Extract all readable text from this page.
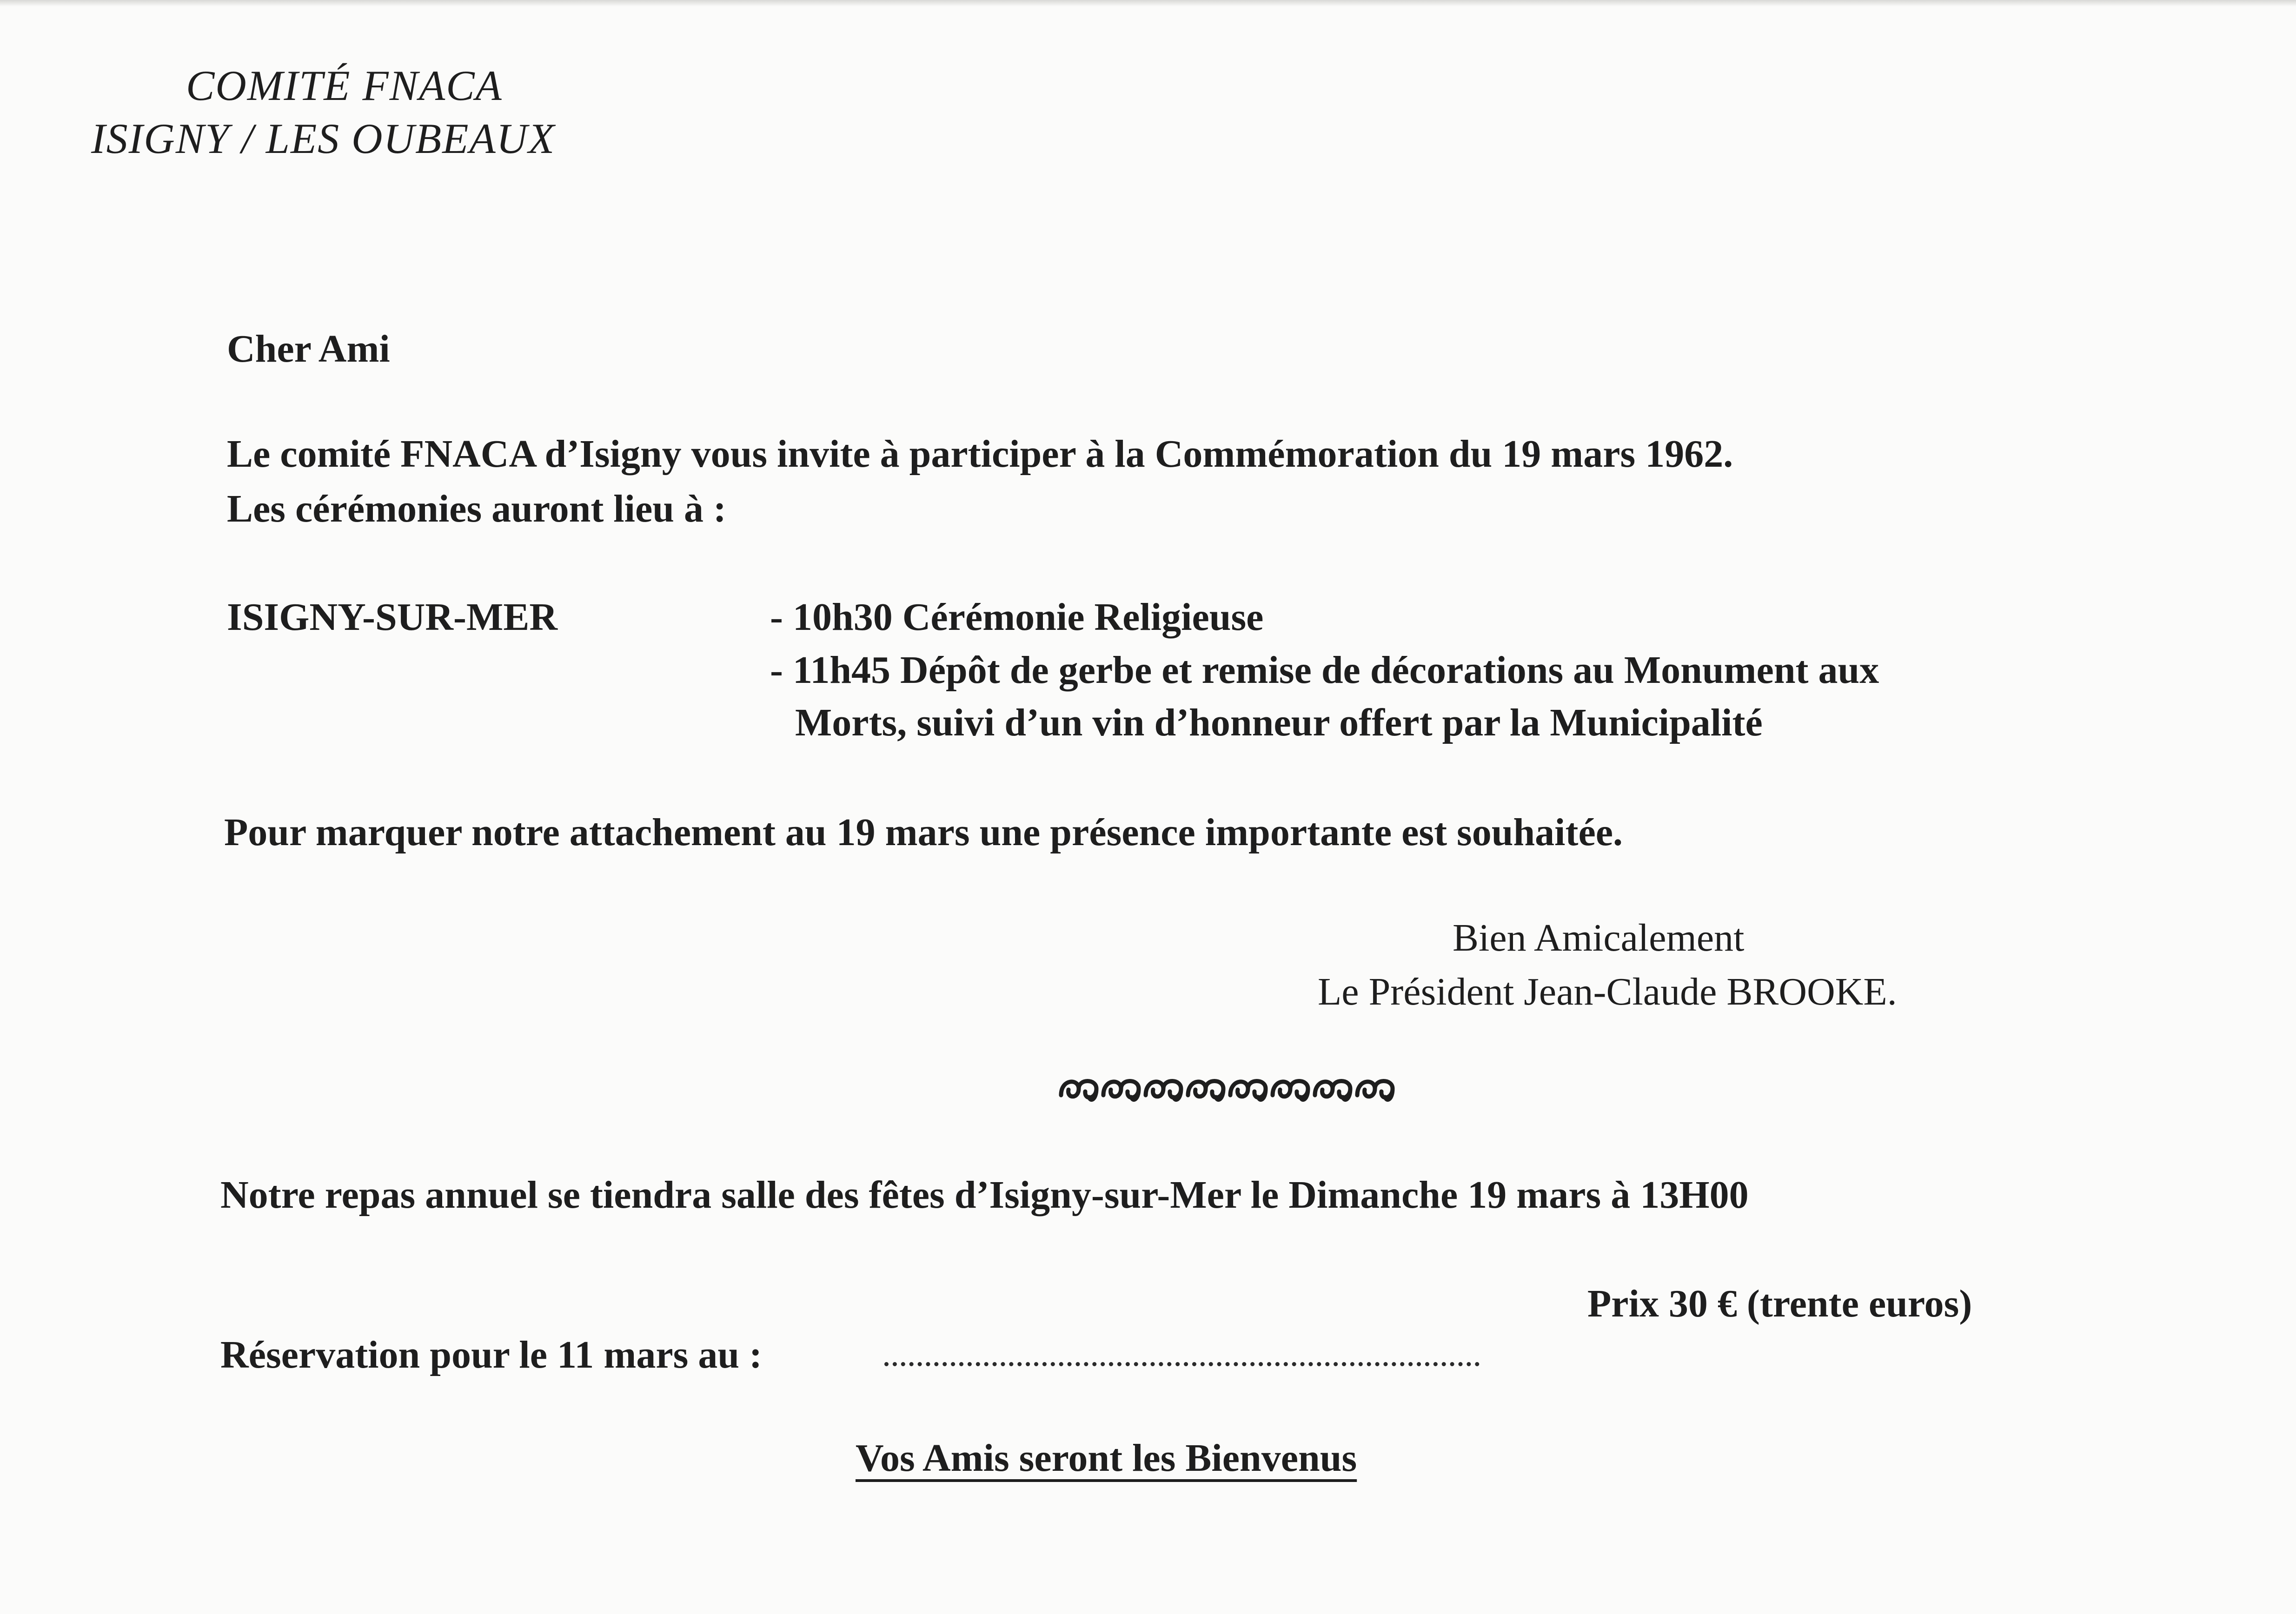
COMITÉ FNACA
ISIGNY / LES OUBEAUX
Cher Ami
Le comité FNACA d’Isigny vous invite à participer à la Commémoration du 19 mars 1962.
Les cérémonies auront lieu à :
ISIGNY-SUR-MER	- 10h30 Cérémonie Religieuse
- 11h45 Dépôt de gerbe et remise de décorations au Monument aux
Morts, suivi d’un vin d’honneur offert par la Municipalité
Pour marquer notre attachement au 19 mars une présence importante est souhaitée.
Bien Amicalement
Le Président Jean-Claude BROOKE.
Notre repas annuel se tiendra salle des fêtes d’Isigny-sur-Mer le Dimanche 19 mars à 13H00
Prix 30 € (trente euros)
Réservation pour le 11 mars au :
Vos Amis seront les Bienvenus
